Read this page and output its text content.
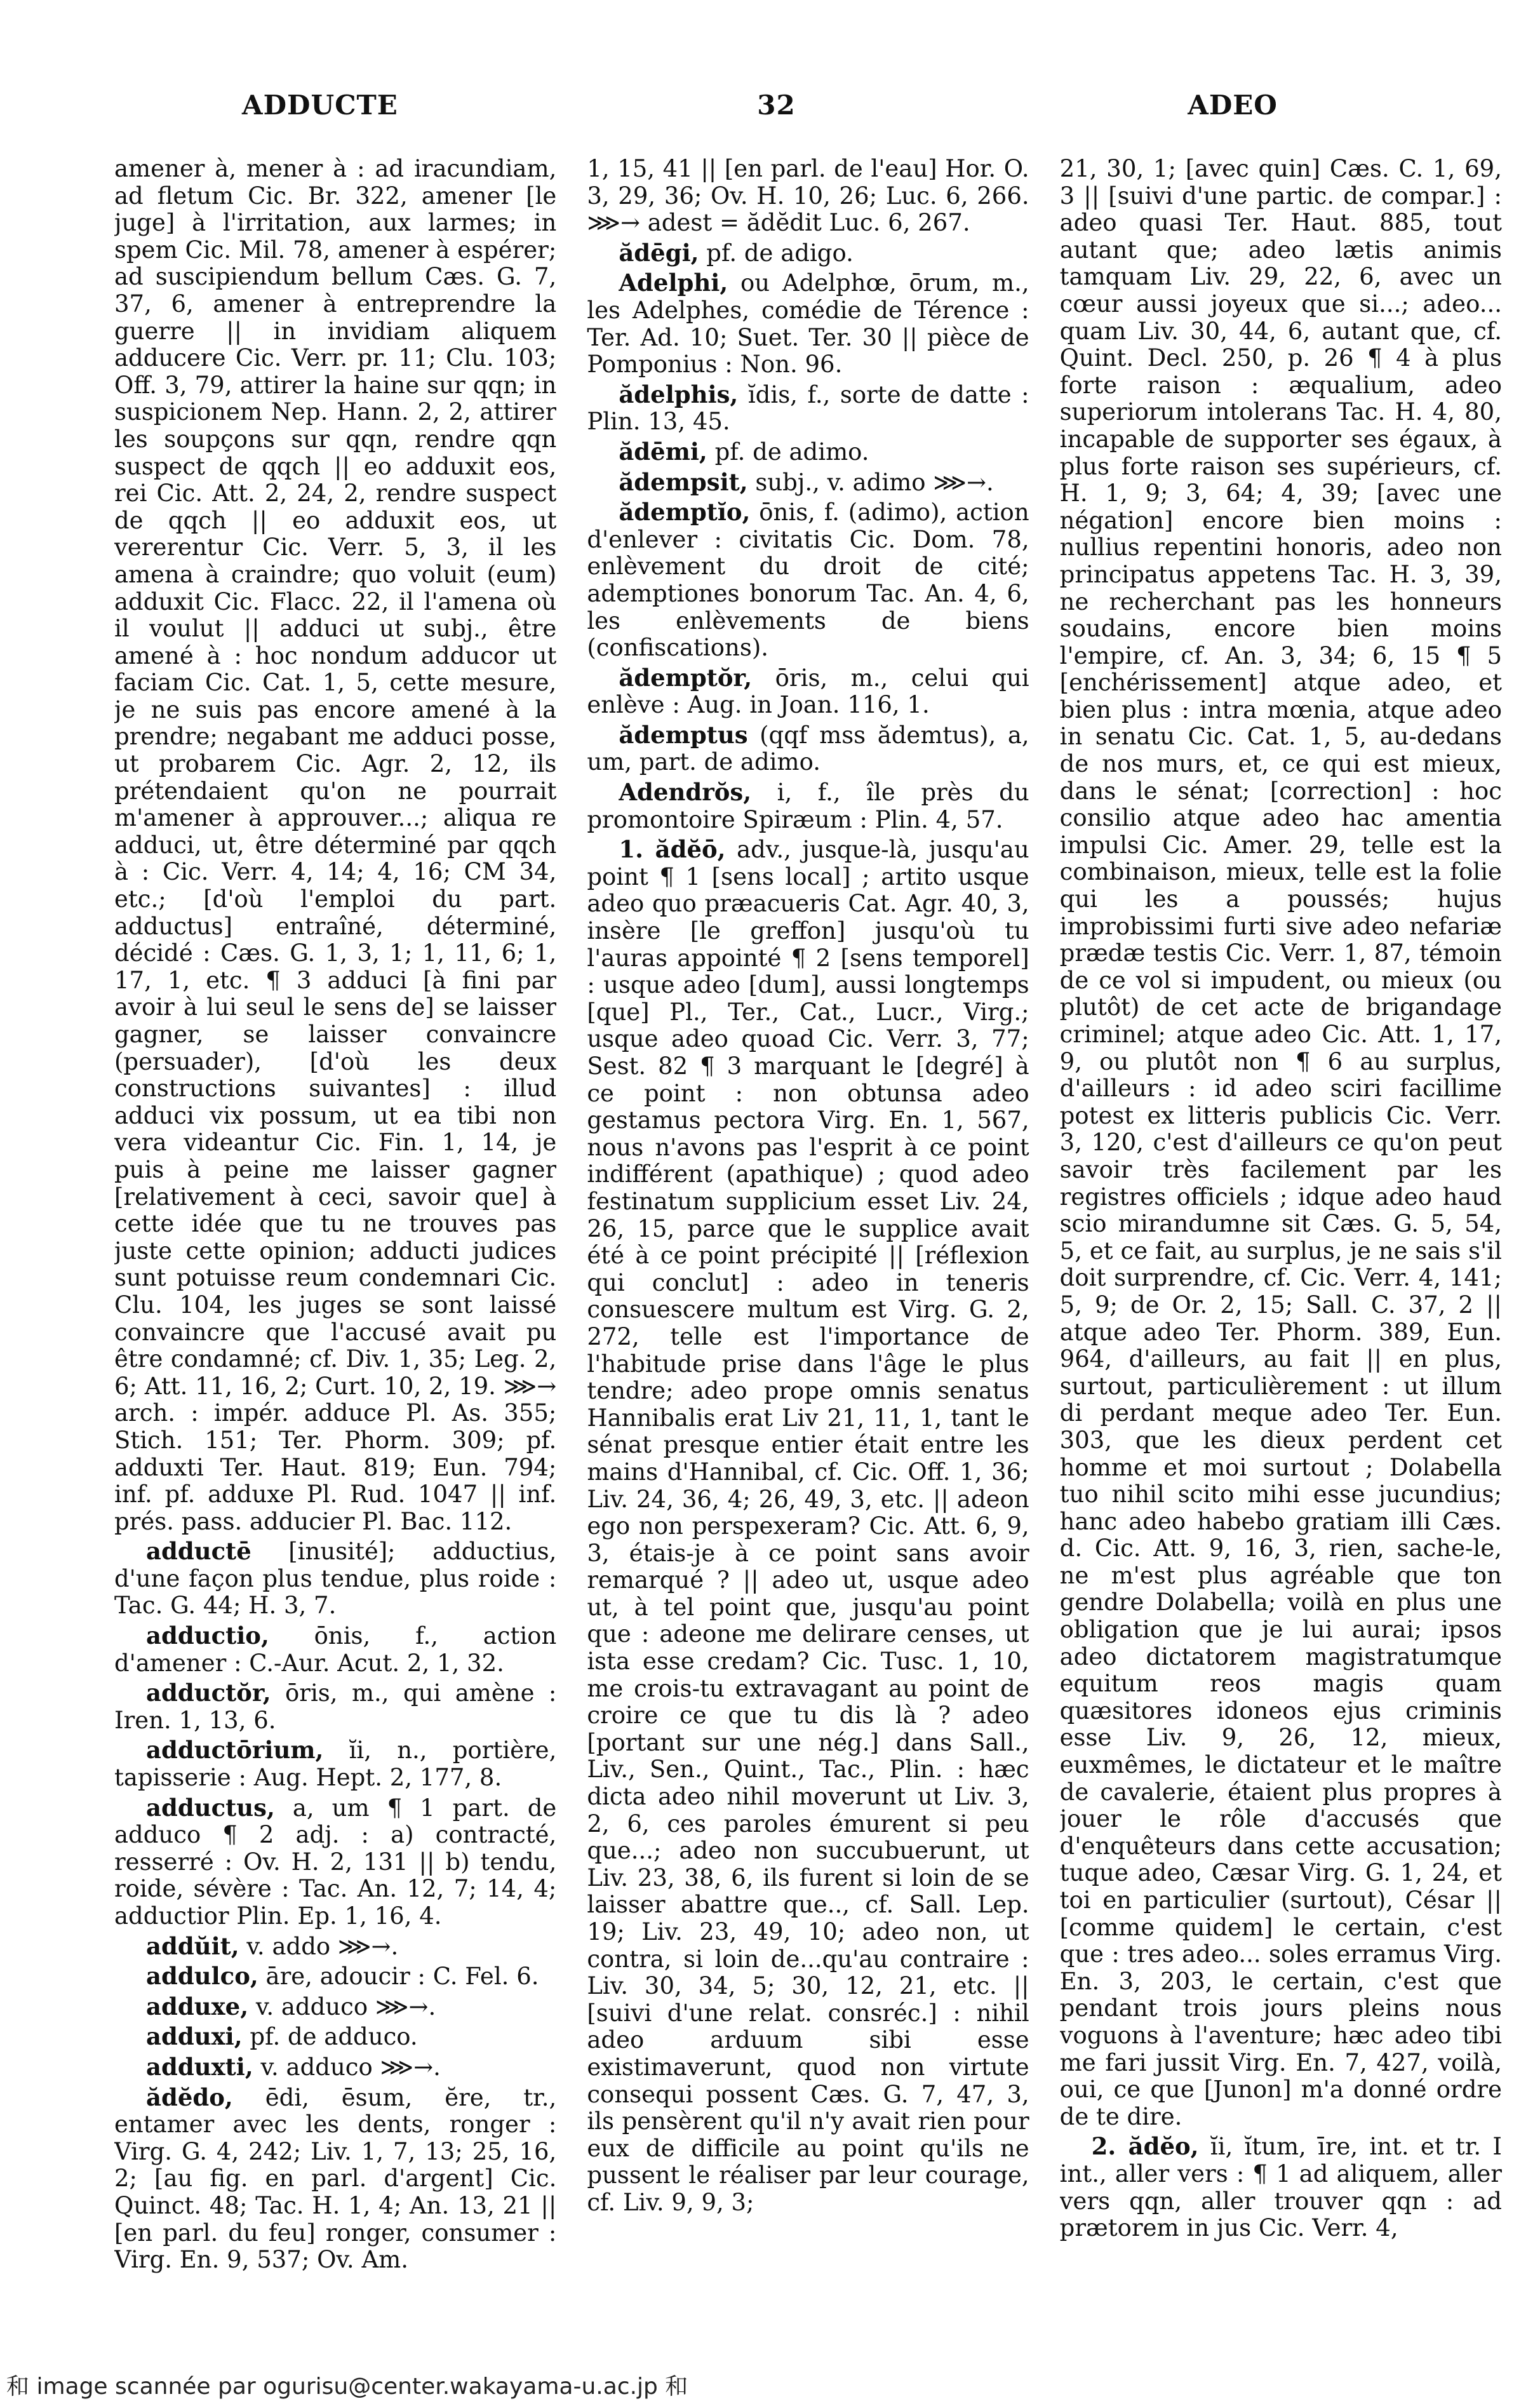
ADDUCTE	32	ADEO

amener à, mener à : ad iracundiam, ad fletum Cic. Br. 322, amener [le juge] à l'irritation, aux larmes; in spem Cic. Mil. 78, amener à espérer; ad suscipiendum bellum Cæs. G. 7, 37, 6, amener à entreprendre la guerre || in invidiam aliquem adducere Cic. Verr. pr. 11; Clu. 103; Off. 3, 79, attirer la haine sur qqn; in suspicionem Nep. Hann. 2, 2, attirer les soupçons sur qqn, rendre qqn suspect de qqch || eo adduxit eos, rei Cic. Att. 2, 24, 2, rendre suspect de qqch || eo adduxit eos, ut vererentur Cic. Verr. 5, 3, il les amena à craindre; quo voluit (eum) adduxit Cic. Flacc. 22, il l'amena où il voulut || adduci ut subj., être amené à : hoc nondum adducor ut faciam Cic. Cat. 1, 5, cette mesure, je ne suis pas encore amené à la prendre; negabant me adduci posse, ut probarem Cic. Agr. 2, 12, ils prétendaient qu'on ne pourrait m'amener à approuver...; aliqua re adduci, ut, être déterminé par qqch à : Cic. Verr. 4, 14; 4, 16; CM 34, etc.; [d'où l'emploi du part. adductus] entraîné, déterminé, décidé : Cæs. G. 1, 3, 1; 1, 11, 6; 1, 17, 1, etc. ¶ 3 adduci [à fini par avoir à lui seul le sens de] se laisser gagner, se laisser convaincre (persuader), [d'où les deux constructions suivantes] : illud adduci vix possum, ut ea tibi non vera videantur Cic. Fin. 1, 14, je puis à peine me laisser gagner [relativement à ceci, savoir que] à cette idée que tu ne trouves pas juste cette opinion; adducti judices sunt potuisse reum condemnari Cic. Clu. 104, les juges se sont laissé convaincre que l'accusé avait pu être condamné; cf. Div. 1, 35; Leg. 2, 6; Att. 11, 16, 2; Curt. 10, 2, 19. ⋙→ arch. : impér. adduce Pl. As. 355; Stich. 151; Ter. Phorm. 309; pf. adduxti Ter. Haut. 819; Eun. 794; inf. pf. adduxe Pl. Rud. 1047 || inf. prés. pass. adducier Pl. Bac. 112.

adductē [inusité]; adductius, d'une façon plus tendue, plus roide : Tac. G. 44; H. 3, 7.

adductio, ōnis, f., action d'amener : C.-Aur. Acut. 2, 1, 32.

adductŏr, ōris, m., qui amène : Iren. 1, 13, 6.

adductōrium, ĭi, n., portière, tapisserie : Aug. Hept. 2, 177, 8.

adductus, a, um ¶ 1 part. de adduco ¶ 2 adj. : a) contracté, resserré : Ov. H. 2, 131 || b) tendu, roide, sévère : Tac. An. 12, 7; 14, 4; adductior Plin. Ep. 1, 16, 4.

addŭit, v. addo ⋙→.

addulco, āre, adoucir : C. Fel. 6.

adduxe, v. adduco ⋙→.

adduxi, pf. de adduco.

adduxti, v. adduco ⋙→.

ădĕdo, ēdi, ēsum, ĕre, tr., entamer avec les dents, ronger : Virg. G. 4, 242; Liv. 1, 7, 13; 25, 16, 2; [au fig. en parl. d'argent] Cic. Quinct. 48; Tac. H. 1, 4; An. 13, 21 || [en parl. du feu] ronger, consumer : Virg. En. 9, 537; Ov. Am.

1, 15, 41 || [en parl. de l'eau] Hor. O. 3, 29, 36; Ov. H. 10, 26; Luc. 6, 266. ⋙→ adest = ădĕdit Luc. 6, 267.

ădēgi, pf. de adigo.

Adelphi, ou Adelphœ, ōrum, m., les Adelphes, comédie de Térence : Ter. Ad. 10; Suet. Ter. 30 || pièce de Pomponius : Non. 96.

ădelphis, ĭdis, f., sorte de datte : Plin. 13, 45.

ădēmi, pf. de adimo.

ădempsit, subj., v. adimo ⋙→.

ădemptĭo, ōnis, f. (adimo), action d'enlever : civitatis Cic. Dom. 78, enlèvement du droit de cité; ademptiones bonorum Tac. An. 4, 6, les enlèvements de biens (confiscations).

ădemptŏr, ōris, m., celui qui enlève : Aug. in Joan. 116, 1.

ădemptus (qqf mss ădemtus), a, um, part. de adimo.

Adendrŏs, i, f., île près du promontoire Spiræum : Plin. 4, 57.

1. ădĕō, adv., jusque-là, jusqu'au point ¶ 1 [sens local] ; artito usque adeo quo præacueris Cat. Agr. 40, 3, insère [le greffon] jusqu'où tu l'auras appointé ¶ 2 [sens temporel] : usque adeo [dum], aussi longtemps [que] Pl., Ter., Cat., Lucr., Virg.; usque adeo quoad Cic. Verr. 3, 77; Sest. 82 ¶ 3 marquant le [degré] à ce point : non obtunsa adeo gestamus pectora Virg. En. 1, 567, nous n'avons pas l'esprit à ce point indifférent (apathique) ; quod adeo festinatum supplicium esset Liv. 24, 26, 15, parce que le supplice avait été à ce point précipité || [réflexion qui conclut] : adeo in teneris consuescere multum est Virg. G. 2, 272, telle est l'importance de l'habitude prise dans l'âge le plus tendre; adeo prope omnis senatus Hannibalis erat Liv 21, 11, 1, tant le sénat presque entier était entre les mains d'Hannibal, cf. Cic. Off. 1, 36; Liv. 24, 36, 4; 26, 49, 3, etc. || adeon ego non perspexeram? Cic. Att. 6, 9, 3, étais-je à ce point sans avoir remarqué ? || adeo ut, usque adeo ut, à tel point que, jusqu'au point que : adeone me delirare censes, ut ista esse credam? Cic. Tusc. 1, 10, me crois-tu extravagant au point de croire ce que tu dis là ? adeo [portant sur une nég.] dans Sall., Liv., Sen., Quint., Tac., Plin. : hæc dicta adeo nihil moverunt ut Liv. 3, 2, 6, ces paroles émurent si peu que...; adeo non succubuerunt, ut Liv. 23, 38, 6, ils furent si loin de se laisser abattre que.., cf. Sall. Lep. 19; Liv. 23, 49, 10; adeo non, ut contra, si loin de...qu'au contraire : Liv. 30, 34, 5; 30, 12, 21, etc. || [suivi d'une relat. consréc.] : nihil adeo arduum sibi esse existimaverunt, quod non virtute consequi possent Cæs. G. 7, 47, 3, ils pensèrent qu'il n'y avait rien pour eux de difficile au point qu'ils ne pussent le réaliser par leur courage, cf. Liv. 9, 9, 3;

21, 30, 1; [avec quin] Cæs. C. 1, 69, 3 || [suivi d'une partic. de compar.] : adeo quasi Ter. Haut. 885, tout autant que; adeo lætis animis tamquam Liv. 29, 22, 6, avec un cœur aussi joyeux que si...; adeo... quam Liv. 30, 44, 6, autant que, cf. Quint. Decl. 250, p. 26 ¶ 4 à plus forte raison : æqualium, adeo superiorum intolerans Tac. H. 4, 80, incapable de supporter ses égaux, à plus forte raison ses supérieurs, cf. H. 1, 9; 3, 64; 4, 39; [avec une négation] encore bien moins : nullius repentini honoris, adeo non principatus appetens Tac. H. 3, 39, ne recherchant pas les honneurs soudains, encore bien moins l'empire, cf. An. 3, 34; 6, 15 ¶ 5 [enchérissement] atque adeo, et bien plus : intra mœnia, atque adeo in senatu Cic. Cat. 1, 5, au-dedans de nos murs, et, ce qui est mieux, dans le sénat; [correction] : hoc consilio atque adeo hac amentia impulsi Cic. Amer. 29, telle est la combinaison, mieux, telle est la folie qui les a poussés; hujus improbissimi furti sive adeo nefariæ prædæ testis Cic. Verr. 1, 87, témoin de ce vol si impudent, ou mieux (ou plutôt) de cet acte de brigandage criminel; atque adeo Cic. Att. 1, 17, 9, ou plutôt non ¶ 6 au surplus, d'ailleurs : id adeo sciri facillime potest ex litteris publicis Cic. Verr. 3, 120, c'est d'ailleurs ce qu'on peut savoir très facilement par les registres officiels ; idque adeo haud scio mirandumne sit Cæs. G. 5, 54, 5, et ce fait, au surplus, je ne sais s'il doit surprendre, cf. Cic. Verr. 4, 141; 5, 9; de Or. 2, 15; Sall. C. 37, 2 || atque adeo Ter. Phorm. 389, Eun. 964, d'ailleurs, au fait || en plus, surtout, particulièrement : ut illum di perdant meque adeo Ter. Eun. 303, que les dieux perdent cet homme et moi surtout ; Dolabella tuo nihil scito mihi esse jucundius; hanc adeo habebo gratiam illi Cæs. d. Cic. Att. 9, 16, 3, rien, sache-le, ne m'est plus agréable que ton gendre Dolabella; voilà en plus une obligation que je lui aurai; ipsos adeo dictatorem magistratumque equitum reos magis quam quæsitores idoneos ejus criminis esse Liv. 9, 26, 12, mieux, euxmêmes, le dictateur et le maître de cavalerie, étaient plus propres à jouer le rôle d'accusés que d'enquêteurs dans cette accusation; tuque adeo, Cæsar Virg. G. 1, 24, et toi en particulier (surtout), César || [comme quidem] le certain, c'est que : tres adeo... soles erramus Virg. En. 3, 203, le certain, c'est que pendant trois jours pleins nous voguons à l'aventure; hæc adeo tibi me fari jussit Virg. En. 7, 427, voilà, oui, ce que [Junon] m'a donné ordre de te dire.

2. ădĕo, ĭi, ĭtum, īre, int. et tr. I int., aller vers : ¶ 1 ad aliquem, aller vers qqn, aller trouver qqn : ad prætorem in jus Cic. Verr. 4,

和 image scannée par ogurisu@center.wakayama-u.ac.jp 和
